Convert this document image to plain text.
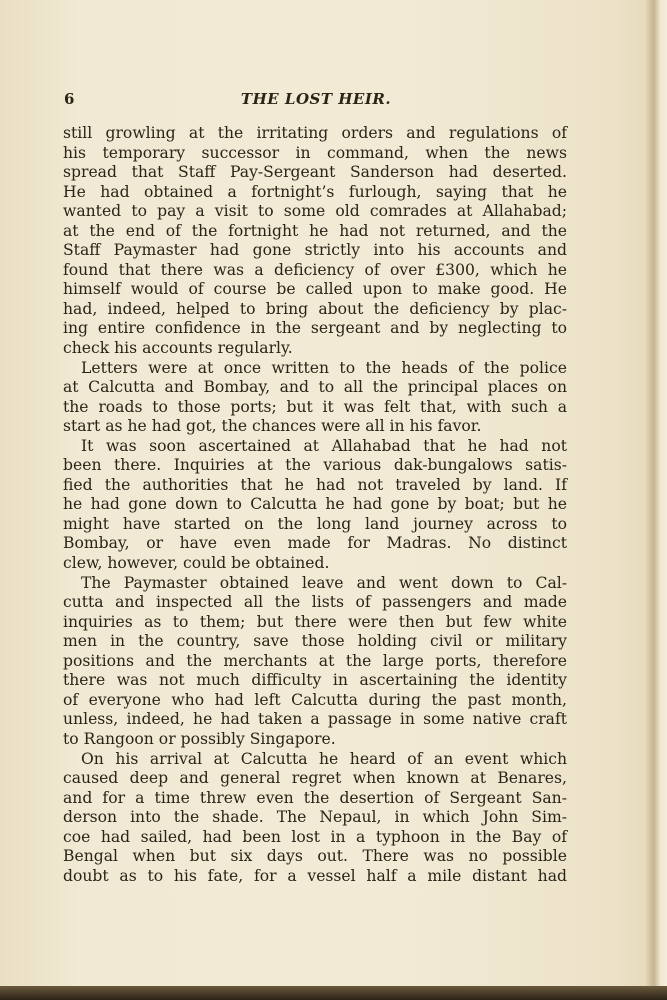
6	THE LOST HEIR.
still growling at the irritating orders and regulations of
his temporary successor in command, when the news
spread that Staff Pay-Sergeant Sanderson had deserted.
He had obtained a fortnight’s furlough, saying that he
wanted to pay a visit to some old comrades at Allahabad;
at the end of the fortnight he had not returned, and the
Staff Paymaster had gone strictly into his accounts and
found that there was a deficiency of over £300, which he
himself would of course be called upon to make good. He
had, indeed, helped to bring about the deficiency by plac-
ing entire confidence in the sergeant and by neglecting to
check his accounts regularly.
Letters were at once written to the heads of the police
at Calcutta and Bombay, and to all the principal places on
the roads to those ports; but it was felt that, with such a
start as he had got, the chances were all in his favor.
It was soon ascertained at Allahabad that he had not
been there. Inquiries at the various dak-bungalows satis-
fied the authorities that he had not traveled by land. If
he had gone down to Calcutta he had gone by boat; but he
might have started on the long land journey across to
Bombay, or have even made for Madras. No distinct
clew, however, could be obtained.
The Paymaster obtained leave and went down to Cal-
cutta and inspected all the lists of passengers and made
inquiries as to them; but there were then but few white
men in the country, save those holding civil or military
positions and the merchants at the large ports, therefore
there was not much difficulty in ascertaining the identity
of everyone who had left Calcutta during the past month,
unless, indeed, he had taken a passage in some native craft
to Rangoon or possibly Singapore.
On his arrival at Calcutta he heard of an event which
caused deep and general regret when known at Benares,
and for a time threw even the desertion of Sergeant San-
derson into the shade. The Nepaul, in which John Sim-
coe had sailed, had been lost in a typhoon in the Bay of
Bengal when but six days out. There was no possible
doubt as to his fate, for a vessel half a mile distant had
